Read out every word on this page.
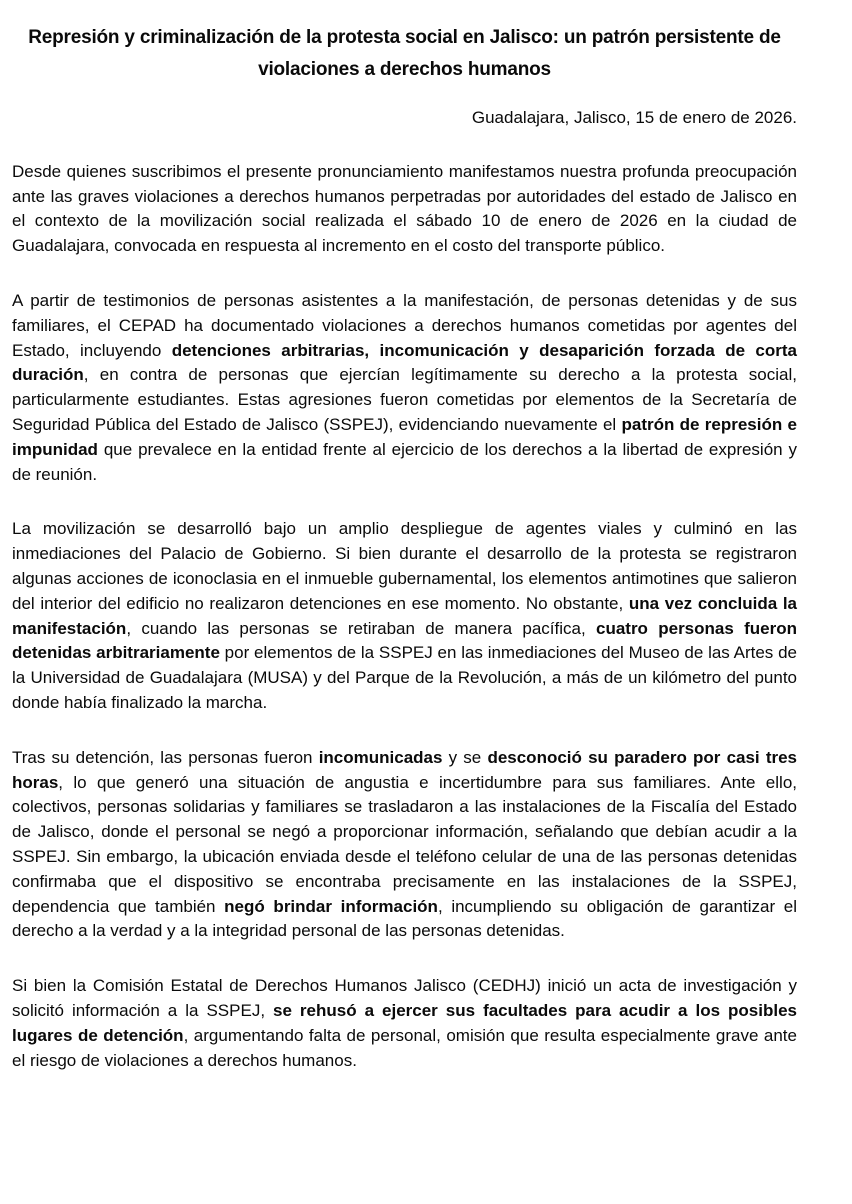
Represión y criminalización de la protesta social en Jalisco: un patrón persistente de violaciones a derechos humanos
Guadalajara, Jalisco, 15 de enero de 2026.

Desde quienes suscribimos el presente pronunciamiento manifestamos nuestra profunda preocupación ante las graves violaciones a derechos humanos perpetradas por autoridades del estado de Jalisco en el contexto de la movilización social realizada el sábado 10 de enero de 2026 en la ciudad de Guadalajara, convocada en respuesta al incremento en el costo del transporte público.

A partir de testimonios de personas asistentes a la manifestación, de personas detenidas y de sus familiares, el CEPAD ha documentado violaciones a derechos humanos cometidas por agentes del Estado, incluyendo detenciones arbitrarias, incomunicación y desaparición forzada de corta duración, en contra de personas que ejercían legítimamente su derecho a la protesta social, particularmente estudiantes. Estas agresiones fueron cometidas por elementos de la Secretaría de Seguridad Pública del Estado de Jalisco (SSPEJ), evidenciando nuevamente el patrón de represión e impunidad que prevalece en la entidad frente al ejercicio de los derechos a la libertad de expresión y de reunión.

La movilización se desarrolló bajo un amplio despliegue de agentes viales y culminó en las inmediaciones del Palacio de Gobierno. Si bien durante el desarrollo de la protesta se registraron algunas acciones de iconoclasia en el inmueble gubernamental, los elementos antimotines que salieron del interior del edificio no realizaron detenciones en ese momento. No obstante, una vez concluida la manifestación, cuando las personas se retiraban de manera pacífica, cuatro personas fueron detenidas arbitrariamente por elementos de la SSPEJ en las inmediaciones del Museo de las Artes de la Universidad de Guadalajara (MUSA) y del Parque de la Revolución, a más de un kilómetro del punto donde había finalizado la marcha.

Tras su detención, las personas fueron incomunicadas y se desconoció su paradero por casi tres horas, lo que generó una situación de angustia e incertidumbre para sus familiares. Ante ello, colectivos, personas solidarias y familiares se trasladaron a las instalaciones de la Fiscalía del Estado de Jalisco, donde el personal se negó a proporcionar información, señalando que debían acudir a la SSPEJ. Sin embargo, la ubicación enviada desde el teléfono celular de una de las personas detenidas confirmaba que el dispositivo se encontraba precisamente en las instalaciones de la SSPEJ, dependencia que también negó brindar información, incumpliendo su obligación de garantizar el derecho a la verdad y a la integridad personal de las personas detenidas.

Si bien la Comisión Estatal de Derechos Humanos Jalisco (CEDHJ) inició un acta de investigación y solicitó información a la SSPEJ, se rehusó a ejercer sus facultades para acudir a los posibles lugares de detención, argumentando falta de personal, omisión que resulta especialmente grave ante el riesgo de violaciones a derechos humanos.
